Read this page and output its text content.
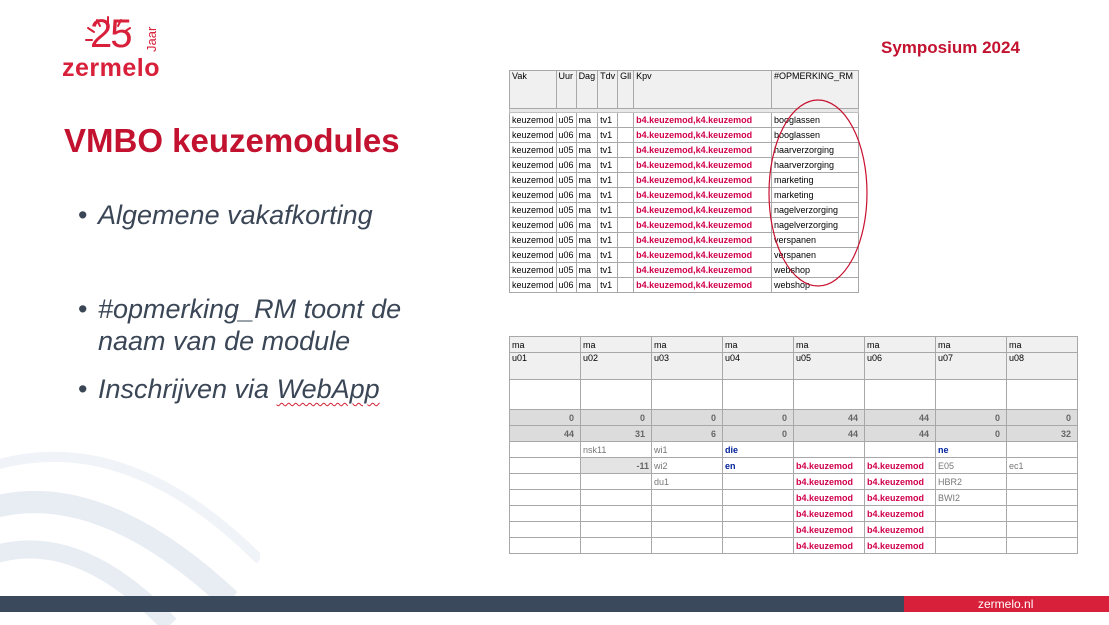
25 Jaar
zermelo
Symposium 2024
VMBO keuzemodules
• Algemene vakafkorting
• #opmerking_RM toont de naam van de module
• Inschrijven via WebApp
Vak	Uur	Dag	Tdv	Gll	Kpv	#OPMERKING_RM

keuzemod	u05	ma	tv1		b4.keuzemod,k4.keuzemod	booglassen
keuzemod	u06	ma	tv1		b4.keuzemod,k4.keuzemod	booglassen
keuzemod	u05	ma	tv1		b4.keuzemod,k4.keuzemod	haarverzorging
keuzemod	u06	ma	tv1		b4.keuzemod,k4.keuzemod	haarverzorging
keuzemod	u05	ma	tv1		b4.keuzemod,k4.keuzemod	marketing
keuzemod	u06	ma	tv1		b4.keuzemod,k4.keuzemod	marketing
keuzemod	u05	ma	tv1		b4.keuzemod,k4.keuzemod	nagelverzorging
keuzemod	u06	ma	tv1		b4.keuzemod,k4.keuzemod	nagelverzorging
keuzemod	u05	ma	tv1		b4.keuzemod,k4.keuzemod	verspanen
keuzemod	u06	ma	tv1		b4.keuzemod,k4.keuzemod	verspanen
keuzemod	u05	ma	tv1		b4.keuzemod,k4.keuzemod	webshop
keuzemod	u06	ma	tv1		b4.keuzemod,k4.keuzemod	webshop
ma	ma	ma	ma	ma	ma	ma	ma
u01	u02	u03	u04	u05	u06	u07	u08

0	0	0	0	44	44	0	0
44	31	6	0	44	44	0	32
	nsk11	wi1	die			ne	
	-11	wi2	en	b4.keuzemod	b4.keuzemod	E05	ec1
		du1		b4.keuzemod	b4.keuzemod	HBR2	
				b4.keuzemod	b4.keuzemod	BWI2	
				b4.keuzemod	b4.keuzemod		
				b4.keuzemod	b4.keuzemod		
				b4.keuzemod	b4.keuzemod		
zermelo.nl
